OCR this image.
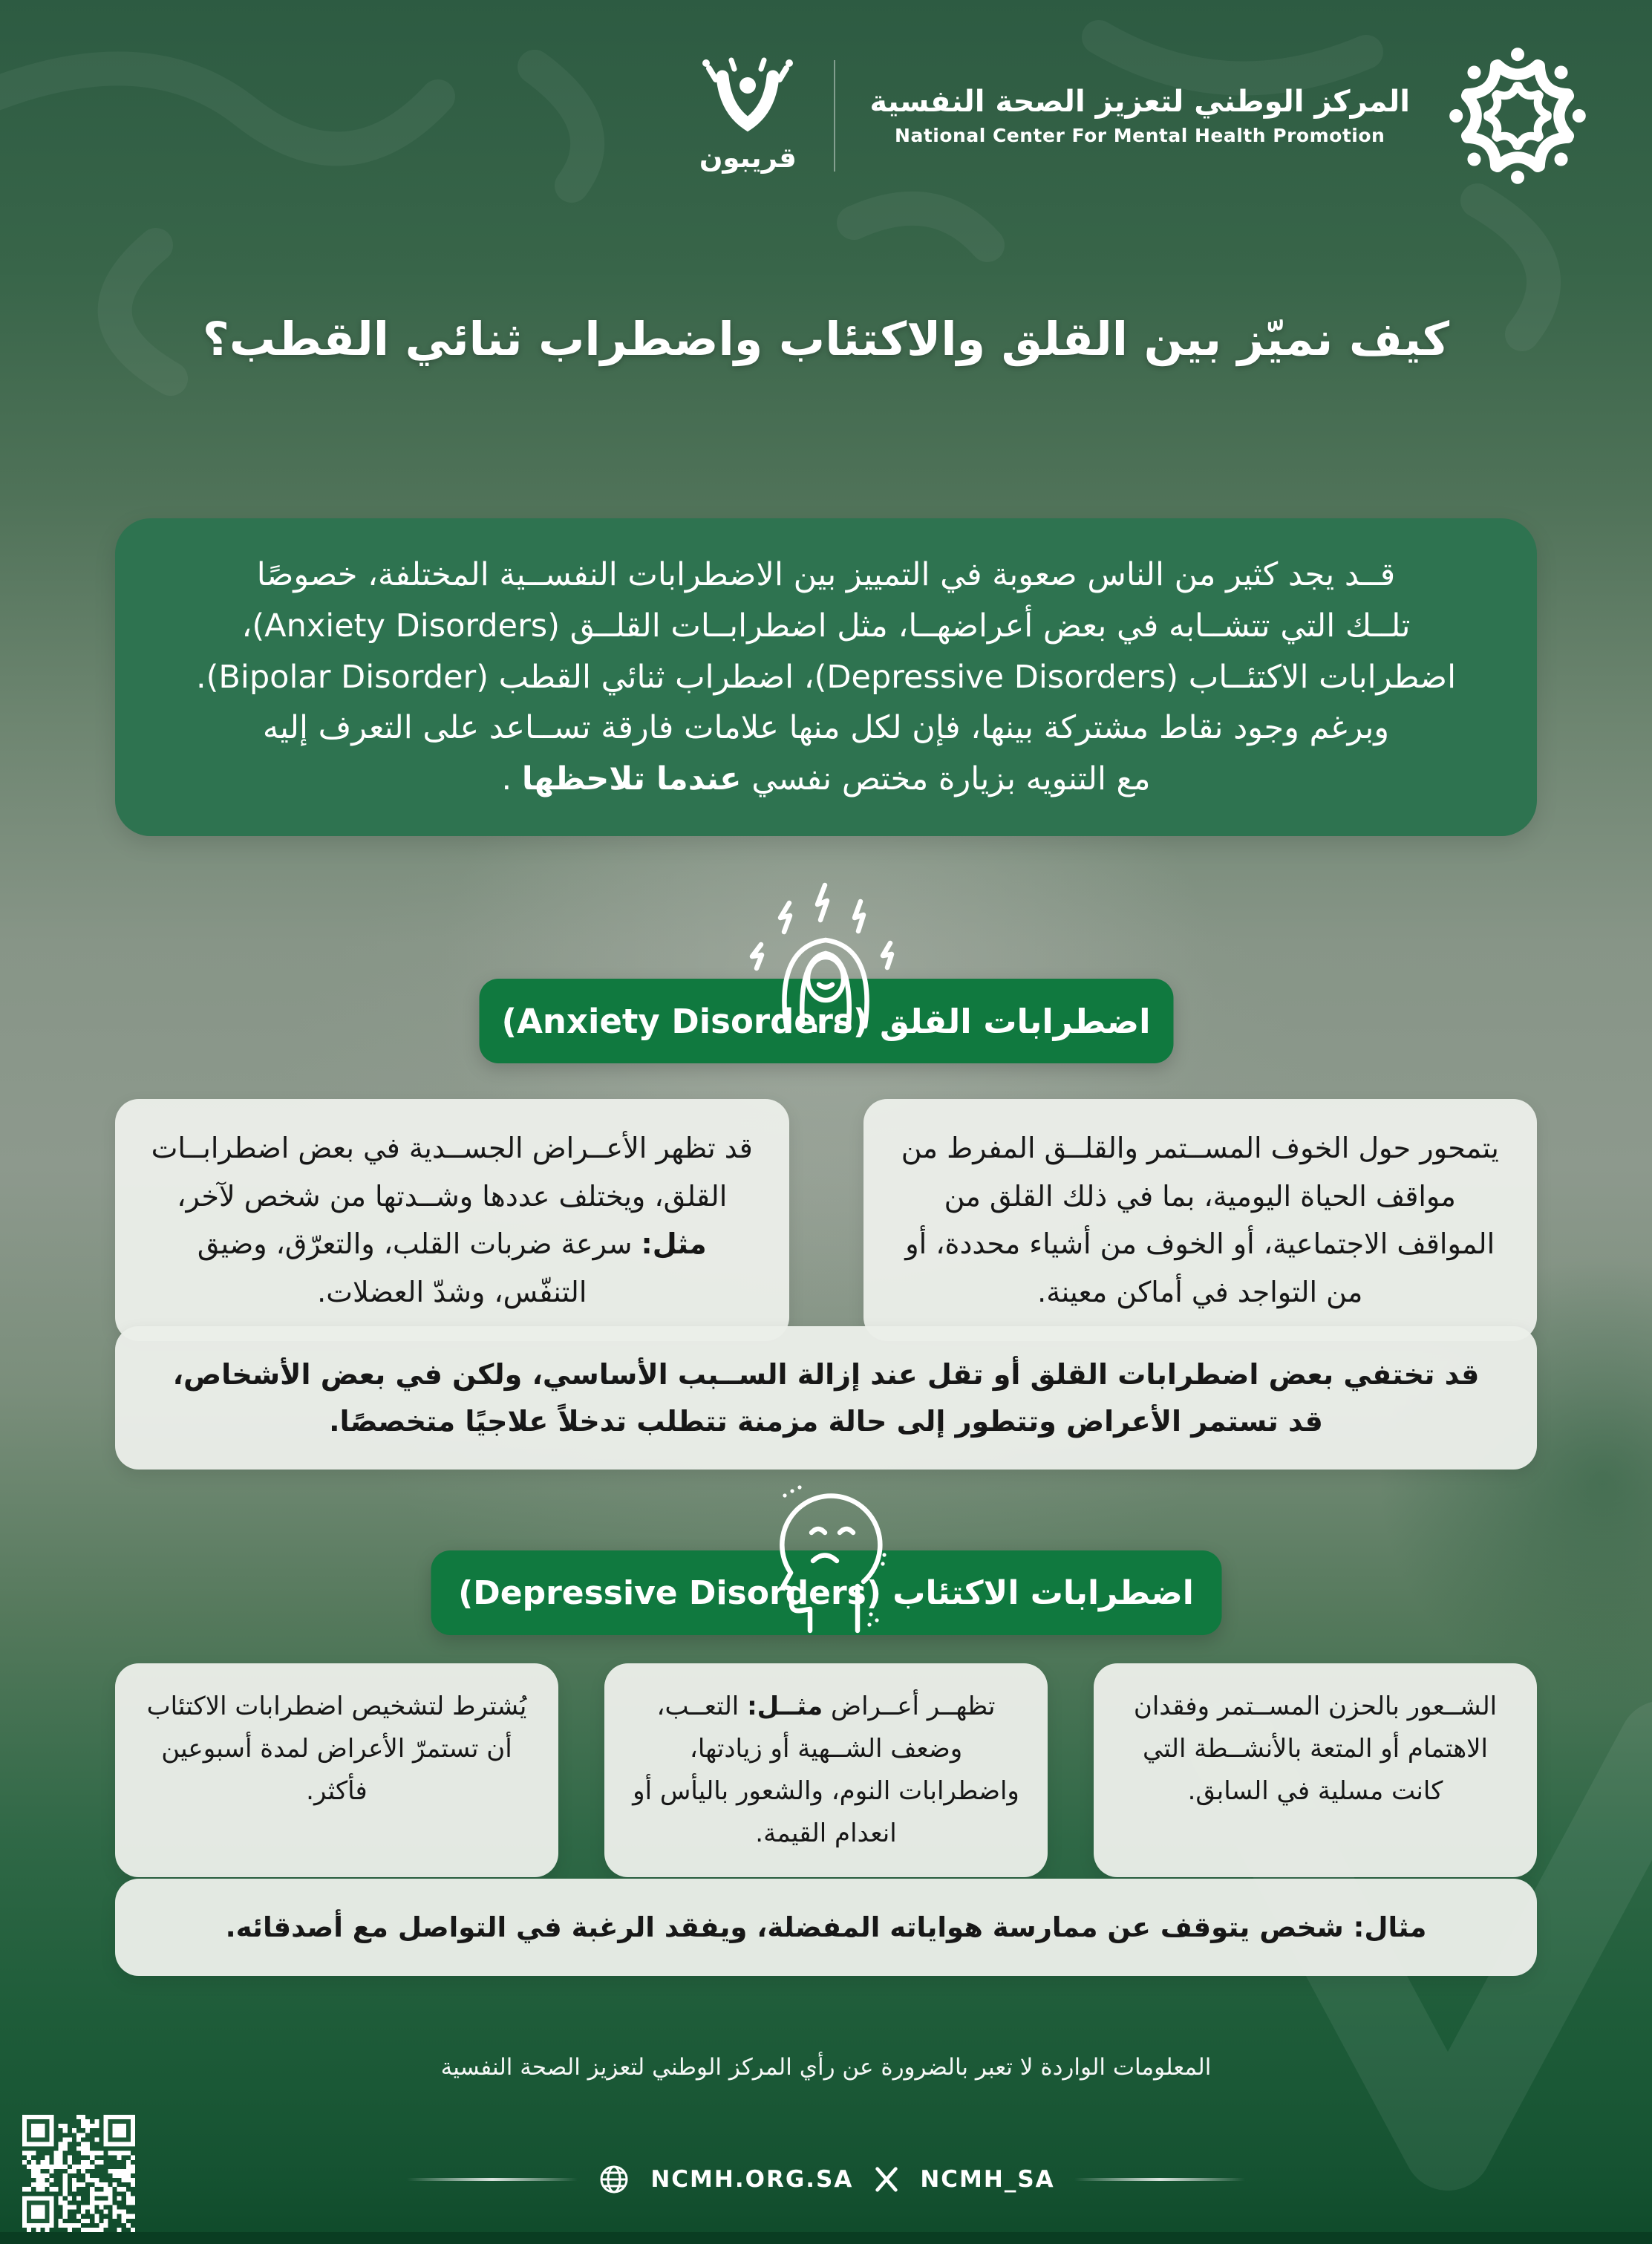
المركز الوطني لتعزيز الصحة النفسية
National Center For Mental Health Promotion
قريبون
كيف نميّز بين القلق والاكتئاب واضطراب ثنائي القطب؟
قــد يجد كثير من الناس صعوبة في التمييز بين الاضطرابات النفســية المختلفة، خصوصًا
تلــك التي تتشــابه في بعض أعراضهــا، مثل اضطرابــات القلــق (Anxiety Disorders)،
اضطرابات الاكتئــاب (Depressive Disorders)، اضطراب ثنائي القطب (Bipolar Disorder).
وبرغم وجود نقاط مشتركة بينها، فإن لكل منها علامات فارقة تســاعد على التعرف إليه
مع التنويه بزيارة مختص نفسي عندما تلاحظها .
اضطرابات القلق (Anxiety Disorders)
يتمحور حول الخوف المســتمر والقلــق المفرط من مواقف الحياة اليومية، بما في ذلك القلق من المواقف الاجتماعية، أو الخوف من أشياء محددة، أو من التواجد في أماكن معينة.
قد تظهر الأعــراض الجســدية في بعض اضطرابــات القلق، ويختلف عددها وشــدتها من شخص لآخر، مثل: سرعة ضربات القلب، والتعرّق، وضيق التنفّس، وشدّ العضلات.
قد تختفي بعض اضطرابات القلق أو تقل عند إزالة الســبب الأساسي، ولكن في بعض الأشخاص، قد تستمر الأعراض وتتطور إلى حالة مزمنة تتطلب تدخلاً علاجيًا متخصصًا.
اضطرابات الاكتئاب (Depressive Disorders)
الشــعور بالحزن المســتمر وفقدان الاهتمام أو المتعة بالأنشــطة التي كانت مسلية في السابق.
تظهــر أعــراض مثــل: التعــب، وضعف الشــهية أو زيادتها، واضطرابات النوم، والشعور باليأس أو انعدام القيمة.
يُشترط لتشخيص اضطرابات الاكتئاب أن تستمرّ الأعراض لمدة أسبوعين فأكثر.
مثال: شخص يتوقف عن ممارسة هواياته المفضلة، ويفقد الرغبة في التواصل مع أصدقائه.
المعلومات الواردة لا تعبر بالضرورة عن رأي المركز الوطني لتعزيز الصحة النفسية
NCMH.ORG.SA	NCMH_SA
